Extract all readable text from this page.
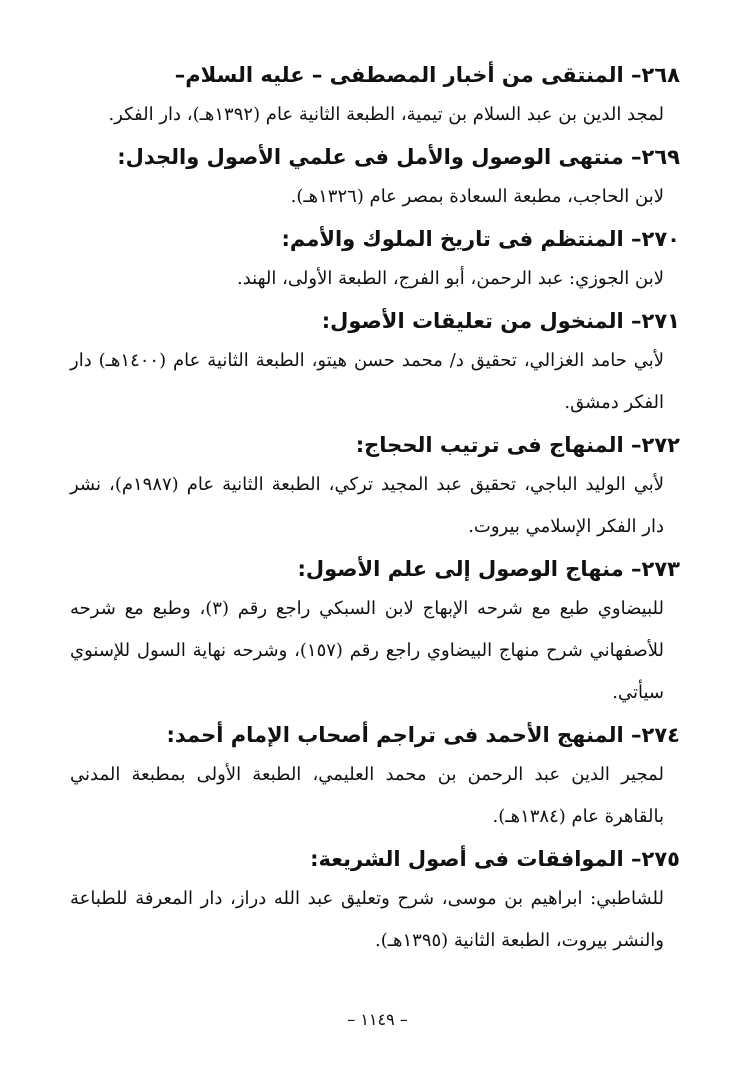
٢٦٨– المنتقى من أخبار المصطفى – عليه السلام–

لمجد الدين بن عبد السلام بن تيمية، الطبعة الثانية عام (١٣٩٢هـ)، دار الفكر.

٢٦٩– منتهى الوصول والأمل فى علمي الأصول والجدل:

لابن الحاجب، مطبعة السعادة بمصر عام (١٣٢٦هـ).

٢٧٠– المنتظم فى تاريخ الملوك والأمم:

لابن الجوزي: عبد الرحمن، أبو الفرج، الطبعة الأولى، الهند.

٢٧١– المنخول من تعليقات الأصول:

لأبي حامد الغزالي، تحقيق د/ محمد حسن هيتو، الطبعة الثانية عام (١٤٠٠هـ) دار الفكر دمشق.

٢٧٢– المنهاج فى ترتيب الحجاج:

لأبي الوليد الباجي، تحقيق عبد المجيد تركي، الطبعة الثانية عام (١٩٨٧م)، نشر دار الفكر الإسلامي بيروت.

٢٧٣– منهاج الوصول إلى علم الأصول:

للبيضاوي طبع مع شرحه الإبهاج لابن السبكي راجع رقم (٣)، وطبع مع شرحه للأصفهاني شرح منهاج البيضاوي راجع رقم (١٥٧)، وشرحه نهاية السول للإسنوي سيأتي.

٢٧٤– المنهج الأحمد فى تراجم أصحاب الإمام أحمد:

لمجير الدين عبد الرحمن بن محمد العليمي، الطبعة الأولى بمطبعة المدني بالقاهرة عام (١٣٨٤هـ).

٢٧٥– الموافقات فى أصول الشريعة:

للشاطبي: ابراهيم بن موسى، شرح وتعليق عبد الله دراز، دار المعرفة للطباعة والنشر بيروت، الطبعة الثانية (١٣٩٥هـ).

– ١١٤٩ –
